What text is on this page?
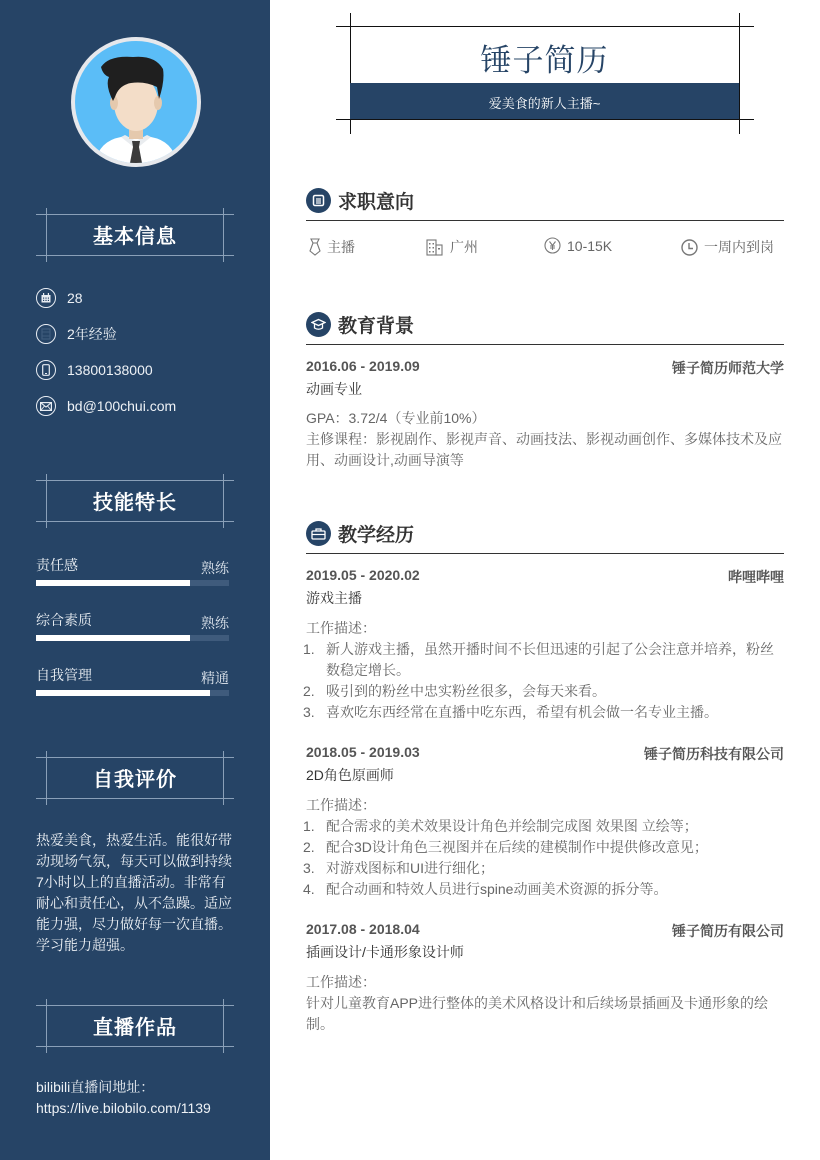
基本信息
28
2年经验
13800138000
bd@100chui.com
技能特长
责任感	熟练
综合素质	熟练
自我管理	精通
自我评价
热爱美食，热爱生活。能很好带动现场气氛，每天可以做到持续7小时以上的直播活动。非常有耐心和责任心，从不急躁。适应能力强，尽力做好每一次直播。学习能力超强。
直播作品
bilibili直播间地址：
https://live.bilobilo.com/1139
锤子简历
爱美食的新人主播~
求职意向
主播	广州	10-15K	一周内到岗
教育背景
2016.06 - 2019.09	锤子简历师范大学
动画专业
GPA：3.72/4（专业前10%）
主修课程：影视剧作、影视声音、动画技法、影视动画创作、多媒体技术及应用、动画设计,动画导演等
教学经历
2019.05 - 2020.02	哔哩哔哩
游戏主播
工作描述：
1. 新人游戏主播，虽然开播时间不长但迅速的引起了公会注意并培养，粉丝数稳定增长。
2. 吸引到的粉丝中忠实粉丝很多，会每天来看。
3. 喜欢吃东西经常在直播中吃东西，希望有机会做一名专业主播。
2018.05 - 2019.03	锤子简历科技有限公司
2D角色原画师
工作描述：
1. 配合需求的美术效果设计角色并绘制完成图 效果图 立绘等；
2. 配合3D设计角色三视图并在后续的建模制作中提供修改意见；
3. 对游戏图标和UI进行细化；
4. 配合动画和特效人员进行spine动画美术资源的拆分等。
2017.08 - 2018.04	锤子简历有限公司
插画设计/卡通形象设计师
工作描述：
针对儿童教育APP进行整体的美术风格设计和后续场景插画及卡通形象的绘制。
